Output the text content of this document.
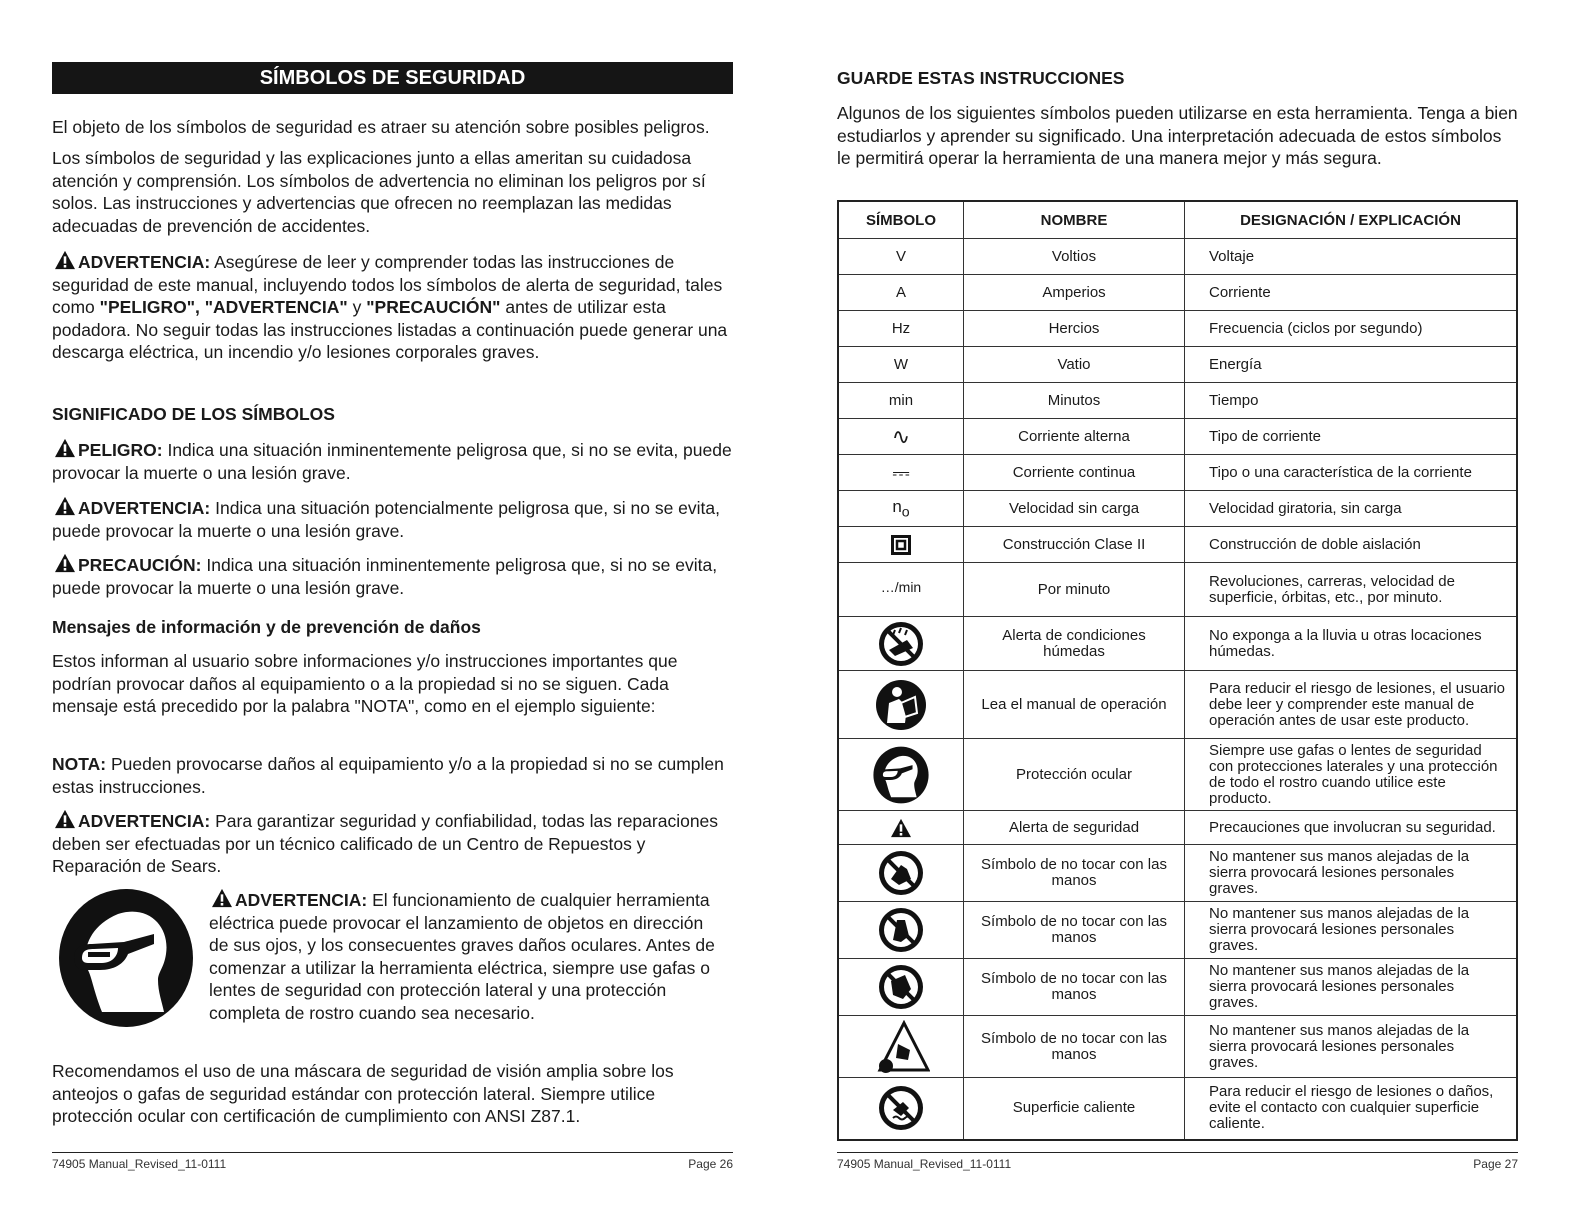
SÍMBOLOS DE SEGURIDAD

El objeto de los símbolos de seguridad es atraer su atención sobre posibles peligros.

Los símbolos de seguridad y las explicaciones junto a ellas ameritan su cuidadosa atención y comprensión. Los símbolos de advertencia no eliminan los peligros por sí solos. Las instrucciones y advertencias que ofrecen no reemplazan las medidas adecuadas de prevención de accidentes.

ADVERTENCIA: Asegúrese de leer y comprender todas las instrucciones de seguridad de este manual, incluyendo todos los símbolos de alerta de seguridad, tales como "PELIGRO", "ADVERTENCIA" y "PRECAUCIÓN" antes de utilizar esta podadora. No seguir todas las instrucciones listadas a continuación puede generar una descarga eléctrica, un incendio y/o lesiones corporales graves.

SIGNIFICADO DE LOS SÍMBOLOS

PELIGRO: Indica una situación inminentemente peligrosa que, si no se evita, puede provocar la muerte o una lesión grave.

ADVERTENCIA: Indica una situación potencialmente peligrosa que, si no se evita, puede provocar la muerte o una lesión grave.

PRECAUCIÓN: Indica una situación inminentemente peligrosa que, si no se evita, puede provocar la muerte o una lesión grave.

Mensajes de información y de prevención de daños

Estos informan al usuario sobre informaciones y/o instrucciones importantes que podrían provocar daños al equipamiento o a la propiedad si no se siguen. Cada mensaje está precedido por la palabra "NOTA", como en el ejemplo siguiente:

NOTA: Pueden provocarse daños al equipamiento y/o a la propiedad si no se cumplen estas instrucciones.

ADVERTENCIA: Para garantizar seguridad y confiabilidad, todas las reparaciones deben ser efectuadas por un técnico calificado de un Centro de Repuestos y Reparación de Sears.

ADVERTENCIA: El funcionamiento de cualquier herramienta eléctrica puede provocar el lanzamiento de objetos en dirección de sus ojos, y los consecuentes graves daños oculares. Antes de comenzar a utilizar la herramienta eléctrica, siempre use gafas o lentes de seguridad con protección lateral y una protección completa de rostro cuando sea necesario.

Recomendamos el uso de una máscara de seguridad de visión amplia sobre los anteojos o gafas de seguridad estándar con protección lateral. Siempre utilice protección ocular con certificación de cumplimiento con ANSI Z87.1.

74905 Manual_Revised_11-0111	Page 26
GUARDE ESTAS INSTRUCCIONES

Algunos de los siguientes símbolos pueden utilizarse en esta herramienta. Tenga a bien estudiarlos y aprender su significado. Una interpretación adecuada de estos símbolos le permitirá operar la herramienta de una manera mejor y más segura.

SÍMBOLO	NOMBRE	DESIGNACIÓN / EXPLICACIÓN
V	Voltios	Voltaje
A	Amperios	Corriente
Hz	Hercios	Frecuencia (ciclos por segundo)
W	Vatio	Energía
min	Minutos	Tiempo
∿	Corriente alterna	Tipo de corriente
⎓	Corriente continua	Tipo o una característica de la corriente
$n_o$	Velocidad sin carga	Velocidad giratoria, sin carga

	Construcción Clase II	Construcción de doble aislación
…/min	Por minuto	Revoluciones, carreras, velocidad de superficie, órbitas, etc., por minuto.

	Alerta de condiciones húmedas	No exponga a la lluvia u otras locaciones húmedas.

	Lea el manual de operación	Para reducir el riesgo de lesiones, el usuario debe leer y comprender este manual de operación antes de usar este producto.

	Protección ocular	Siempre use gafas o lentes de seguridad con protecciones laterales y una protección de todo el rostro cuando utilice este producto.

	Alerta de seguridad	Precauciones que involucran su seguridad.

	Símbolo de no tocar con las manos	No mantener sus manos alejadas de la sierra provocará lesiones personales graves.

	Símbolo de no tocar con las manos	No mantener sus manos alejadas de la sierra provocará lesiones personales graves.

	Símbolo de no tocar con las manos	No mantener sus manos alejadas de la sierra provocará lesiones personales graves.

	Símbolo de no tocar con las manos	No mantener sus manos alejadas de la sierra provocará lesiones personales graves.

	Superficie caliente	Para reducir el riesgo de lesiones o daños, evite el contacto con cualquier superficie caliente.
74905 Manual_Revised_11-0111	Page 27
